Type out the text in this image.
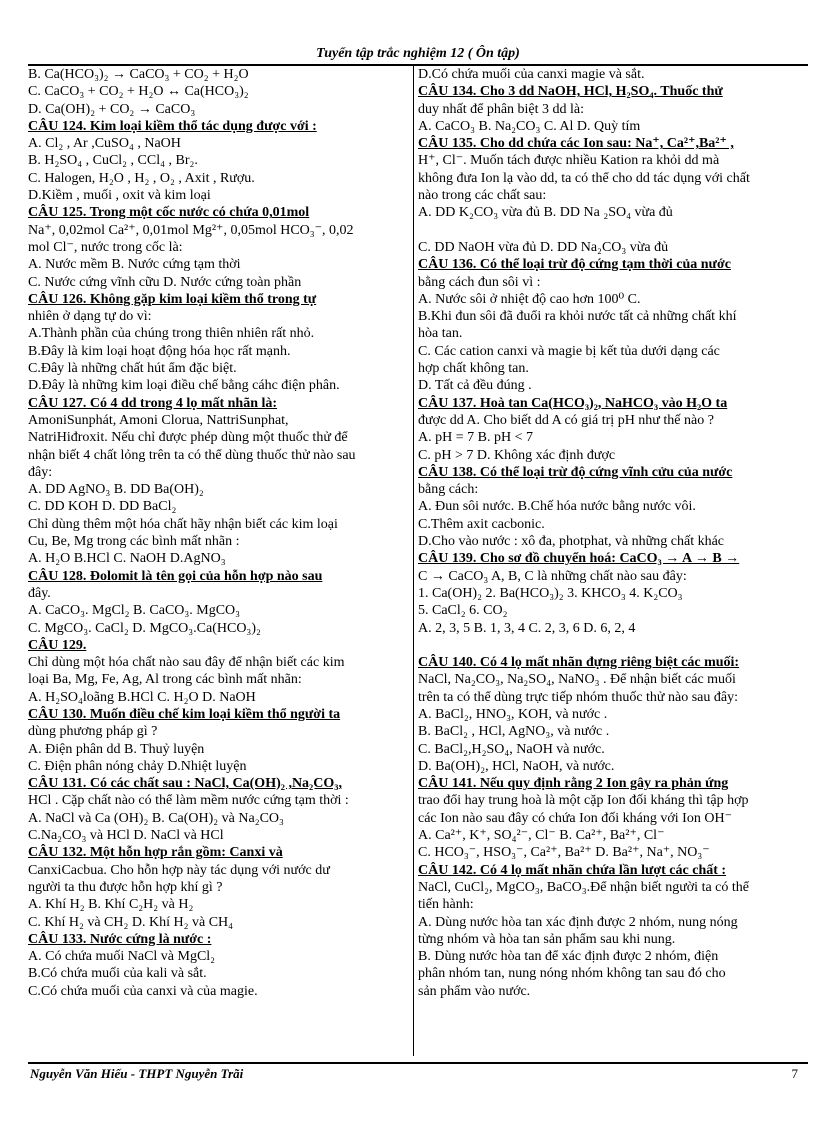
Tuyển tập trắc nghiệm 12 ( Ôn tập)
B. Ca(HCO₃)₂ → CaCO₃ + CO₂ + H₂O
C. CaCO₃ + CO₂ + H₂O ↔ Ca(HCO₃)₂
D. Ca(OH)₂ + CO₂ → CaCO₃
CÂU 124. Kim loại kiềm thổ tác dụng được với :
A. Cl₂ , Ar ,CuSO₄ , NaOH
B. H₂SO₄ , CuCl₂ , CCl₄ , Br₂.
C. Halogen, H₂O , H₂ , O₂ , Axit , Rượu.
D.Kiềm , muối , oxit và kim loại
CÂU 125. Trong một cốc nước có chứa 0,01mol
Na⁺, 0,02mol Ca²⁺, 0,01mol Mg²⁺, 0,05mol HCO₃⁻, 0,02
mol Cl⁻, nước trong cốc là:
A. Nước mềm B. Nước cứng tạm thời
C. Nước cứng vĩnh cữu D. Nước cứng toàn phần
CÂU 126. Không gặp kim loại kiềm thổ trong tự
nhiên ở dạng tự do vì:
A.Thành phần của chúng trong thiên nhiên rất nhỏ.
B.Đây là kim loại hoạt động hóa học rất mạnh.
C.Đây là những chất hút ẩm đặc biệt.
D.Đây là những kim loại điều chế bằng cáhc điện phân.
CÂU 127. Có 4 dd trong 4 lọ mất nhãn là:
AmoniSunphát, Amoni Clorua, NattriSunphat,
NatriHiđroxit. Nếu chỉ được phép dùng một thuốc thử để
nhận biết 4 chất lỏng trên ta có thể dùng thuốc thử nào sau
đây:
A. DD AgNO₃ B. DD Ba(OH)₂
C. DD KOH D. DD BaCl₂
Chỉ dùng thêm một hóa chất hãy nhận biết các kim loại
Cu, Be, Mg trong các bình mất nhãn :
A. H₂O B.HCl C. NaOH D.AgNO₃
CÂU 128. Đolomit là tên gọi của hỗn hợp nào sau
đây.
A. CaCO₃. MgCl₂ B. CaCO₃. MgCO₃
C. MgCO₃. CaCl₂ D. MgCO₃.Ca(HCO₃)₂
CÂU 129.
Chỉ dùng một hóa chất nào sau đây để nhận biết các kim
loại Ba, Mg, Fe, Ag, Al trong các bình mất nhãn:
A. H₂SO₄loãng B.HCl C. H₂O D. NaOH
CÂU 130. Muốn điều chế kim loại kiềm thổ người ta
dùng phương pháp gì ?
A. Điện phân dd B. Thuỷ luyện
C. Điện phân nóng chảy D.Nhiệt luyện
CÂU 131. Có các chất sau : NaCl, Ca(OH)₂ ,Na₂CO₃,
HCl . Cặp chất nào có thể làm mềm nước cứng tạm thời :
A. NaCl và Ca (OH)₂ B. Ca(OH)₂ và Na₂CO₃
C.Na₂CO₃ và HCl D. NaCl và HCl
CÂU 132. Một hỗn hợp rắn gồm: Canxi và
CanxiCacbua. Cho hỗn hợp này tác dụng với nước dư
người ta thu được hỗn hợp khí gì ?
A. Khí H₂ B. Khí C₂H₂ và H₂
C. Khí H₂ và CH₂ D. Khí H₂ và CH₄
CÂU 133. Nước cứng là nước :
A. Có chứa muối NaCl và MgCl₂
B.Có chứa muối của kali và sắt.
C.Có chứa muối của canxi và của magie.
D.Có chứa muối của canxi magie và sắt.
CÂU 134. Cho 3 dd NaOH, HCl, H₂SO₄. Thuốc thử
duy nhất để phân biệt 3 dd là:
A. CaCO₃ B. Na₂CO₃ C. Al D. Quỳ tím
CÂU 135. Cho dd chứa các Ion sau: Na⁺, Ca²⁺,Ba²⁺ ,
H⁺, Cl⁻. Muốn tách được nhiều Kation ra khỏi dd mà
không đưa Ion lạ vào dd, ta có thể cho dd tác dụng với chất
nào trong các chất sau:
A. DD K₂CO₃ vừa đủ B. DD Na ₂SO₄ vừa đủ
C. DD NaOH vừa đủ D. DD Na₂CO₃ vừa đủ
CÂU 136. Có thể loại trừ độ cứng tạm thời của nước
bằng cách đun sôi vì :
A. Nước sôi ở nhiệt độ cao hơn 100⁰ C.
B.Khi đun sôi đã đuổi ra khỏi nước tất cả những chất khí
hòa tan.
C. Các cation canxi và magie bị kết tủa dưới dạng các
hợp chất không tan.
D. Tất cả đều đúng .
CÂU 137. Hoà tan Ca(HCO₃)₂, NaHCO₃ vào H₂O ta
được dd A. Cho biết dd A có giá trị pH như thế nào ?
A. pH = 7 B. pH < 7
C. pH > 7 D. Không xác định được
CÂU 138. Có thể loại trừ độ cứng vĩnh cửu của nước
bằng cách:
A. Đun sôi nước. B.Chế hóa nước bằng nước vôi.
C.Thêm axit cacbonic.
D.Cho vào nước : xô đa, photphat, và những chất khác
CÂU 139. Cho sơ đồ chuyển hoá: CaCO₃ → A → B →
C → CaCO₃ A, B, C là những chất nào sau đây:
1. Ca(OH)₂ 2. Ba(HCO₃)₂ 3. KHCO₃ 4. K₂CO₃
5. CaCl₂ 6. CO₂
A. 2, 3, 5 B. 1, 3, 4 C. 2, 3, 6 D. 6, 2, 4
CÂU 140. Có 4 lọ mất nhãn đựng riêng biệt các muối:
NaCl, Na₂CO₃, Na₂SO₄, NaNO₃ . Để nhận biết các muối
trên ta có thể dùng trực tiếp nhóm thuốc thử nào sau đây:
A. BaCl₂, HNO₃, KOH, và nước .
B. BaCl₂ , HCl, AgNO₃, và nước .
C. BaCl₂,H₂SO₄, NaOH và nước.
D. Ba(OH)₂, HCl, NaOH, và nước.
CÂU 141. Nếu quy định rằng 2 Ion gây ra phản ứng
trao đổi hay trung hoà là một cặp Ion đối kháng thì tập hợp
các Ion nào sau đây có chứa Ion đối kháng với Ion OH⁻
A. Ca²⁺, K⁺, SO₄²⁻, Cl⁻ B. Ca²⁺, Ba²⁺, Cl⁻
C. HCO₃⁻, HSO₃⁻, Ca²⁺, Ba²⁺ D. Ba²⁺, Na⁺, NO₃⁻
CÂU 142. Có 4 lọ mất nhãn chứa lần lượt các chất :
NaCl, CuCl₂, MgCO₃, BaCO₃.Để nhận biết người ta có thể
tiến hành:
A. Dùng nước hòa tan xác định được 2 nhóm, nung nóng
từng nhóm và hòa tan sản phẩm sau khi nung.
B. Dùng nước hòa tan để xác định được 2 nhóm, điện
phân nhóm tan, nung nóng nhóm không tan sau đó cho
sản phẩm vào nước.
Nguyễn Văn Hiếu - THPT Nguyễn Trãi	7
